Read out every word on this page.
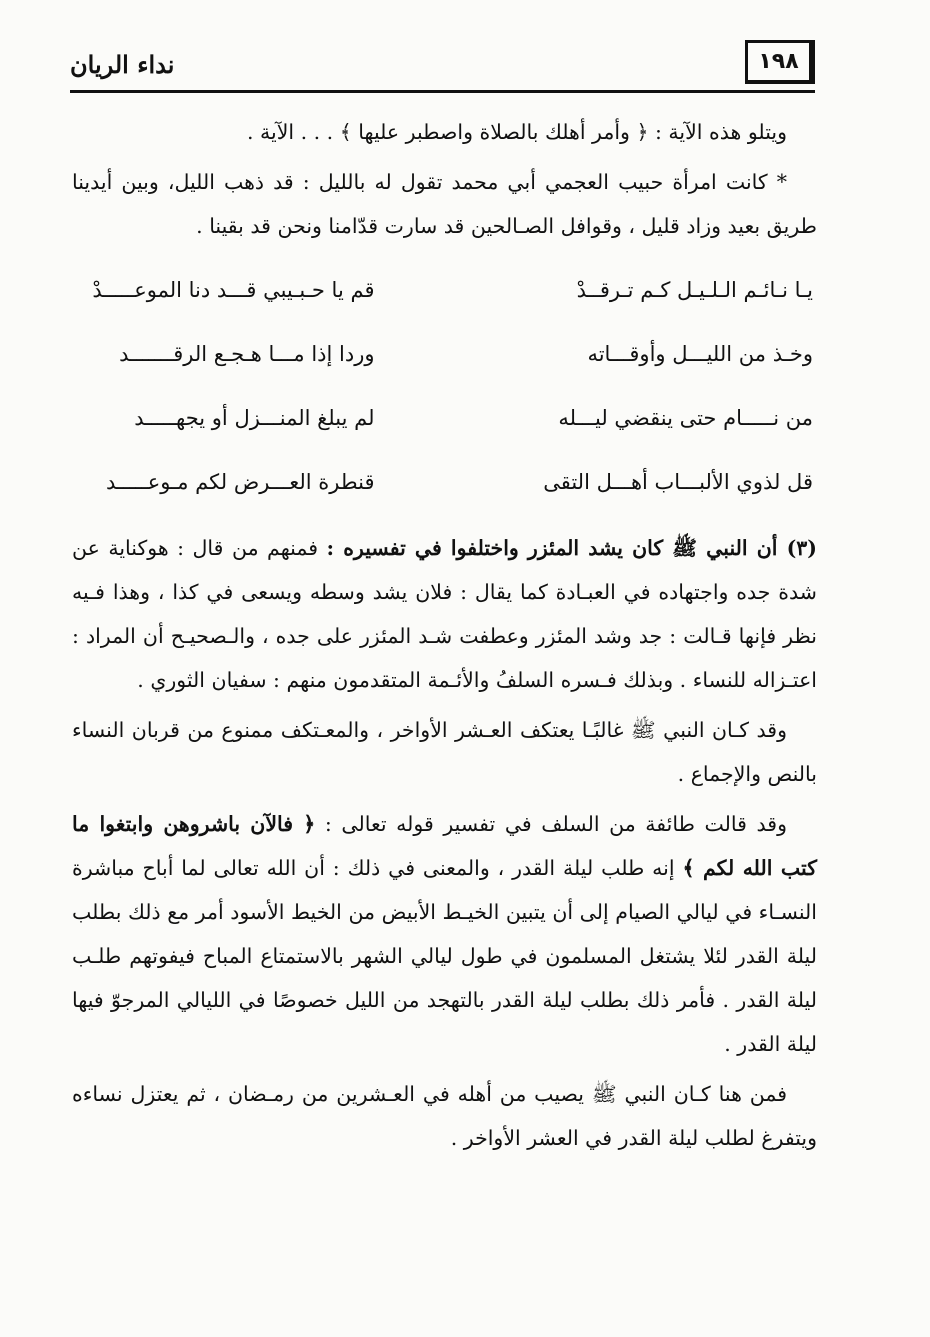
نداء الريان	١٩٨

ويتلو هذه الآية : ﴿ وأمر أهلك بالصلاة واصطبر عليها ﴾ . . . الآية .

* كانت امرأة حبيب العجمي أبي محمد تقول له بالليل : قد ذهب الليل، وبين أيدينا طريق بعيد وزاد قليل ، وقوافل الصـالحين قد سارت قدّامنا ونحن قد بقينا .

يـا نـائـم الـلـيـل كـم تـرقــدْ
قم يا حـبـيبي قـــد دنا الموعـــــدْ
وخـذ من الليـــل وأوقـــاته
وردا إذا مـــا هـجـع الرقـــــــد
من نـــــام حتى ينقضي ليـــله
لم يبلغ المنـــزل أو يجهـــــد
قل لذوي الألبـــاب أهـــل التقى
قنطرة العـــرض لكم مـوعـــــد

(٣) أن النبي ﷺ كان يشد المئزر واختلفوا في تفسيره : فمنهم من قال : هوكناية عن شدة جده واجتهاده في العبـادة كما يقال : فلان يشد وسطه ويسعى في كذا ، وهذا فـيه نظر فإنها قـالت : جد وشد المئزر وعطفت شـد المئزر على جده ، والـصحيـح أن المراد : اعتـزاله للنساء . وبذلك فـسره السلفُ والأئـمة المتقدمون منهم : سفيان الثوري .

وقد كـان النبي ﷺ غالبًـا يعتكف العـشر الأواخر ، والمعـتكف ممنوع من قربان النساء بالنص والإجماع .

وقد قالت طائفة من السلف في تفسير قوله تعالى : ﴿ فالآن باشروهن وابتغوا ما كتب الله لكم ﴾ إنه طلب ليلة القدر ، والمعنى في ذلك : أن الله تعالى لما أباح مباشرة النسـاء في ليالي الصيام إلى أن يتبين الخيـط الأبيض من الخيط الأسود أمر مع ذلك بطلب ليلة القدر لئلا يشتغل المسلمون في طول ليالي الشهر بالاستمتاع المباح فيفوتهم طلـب ليلة القدر . فأمر ذلك بطلب ليلة القدر بالتهجد من الليل خصوصًا في الليالي المرجوّ فيها ليلة القدر .

فمن هنا كـان النبي ﷺ يصيب من أهله في العـشرين من رمـضان ، ثم يعتزل نساءه ويتفرغ لطلب ليلة القدر في العشر الأواخر .
